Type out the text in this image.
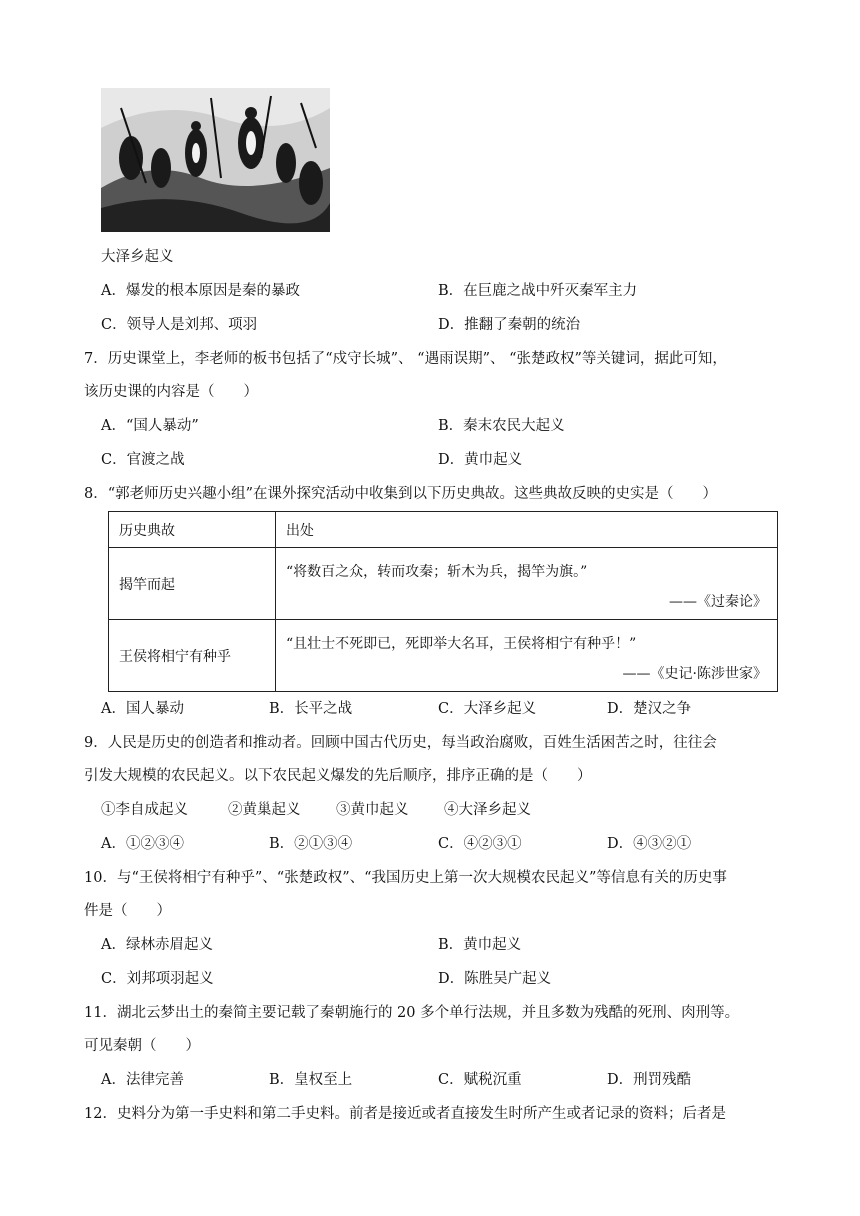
大泽乡起义
A．爆发的根本原因是秦的暴政	B．在巨鹿之战中歼灭秦军主力
C．领导人是刘邦、项羽	D．推翻了秦朝的统治
7．历史课堂上，李老师的板书包括了“戍守长城”、 “遇雨误期”、 “张楚政权”等关键词，据此可知，
该历史课的内容是（　　）
A．“国人暴动”	B．秦末农民大起义
C．官渡之战	D．黄巾起义
8．“郭老师历史兴趣小组”在课外探究活动中收集到以下历史典故。这些典故反映的史实是（　　）
历史典故	出处
揭竿而起	“将数百之众，转而攻秦；斩木为兵，揭竿为旗。”
——《过秦论》

王侯将相宁有种乎	“且壮士不死即已，死即举大名耳，王侯将相宁有种乎！”
——《史记·陈涉世家》
A．国人暴动	B．长平之战	C．大泽乡起义	D．楚汉之争
9．人民是历史的创造者和推动者。回顾中国古代历史，每当政治腐败，百姓生活困苦之时，往往会
引发大规模的农民起义。以下农民起义爆发的先后顺序，排序正确的是（　　）
①李自成起义	②黄巢起义 ③黄巾起义 ④大泽乡起义
A．①②③④	B．②①③④	C．④②③①	D．④③②①
10．与“王侯将相宁有种乎”、“张楚政权”、“我国历史上第一次大规模农民起义”等信息有关的历史事
件是（　　）
A．绿林赤眉起义	B．黄巾起义
C．刘邦项羽起义	D．陈胜吴广起义
11．湖北云梦出土的秦简主要记载了秦朝施行的 20 多个单行法规，并且多数为残酷的死刑、肉刑等。
可见秦朝（　　）
A．法律完善	B．皇权至上	C．赋税沉重	D．刑罚残酷
12．史料分为第一手史料和第二手史料。前者是接近或者直接发生时所产生或者记录的资料；后者是
